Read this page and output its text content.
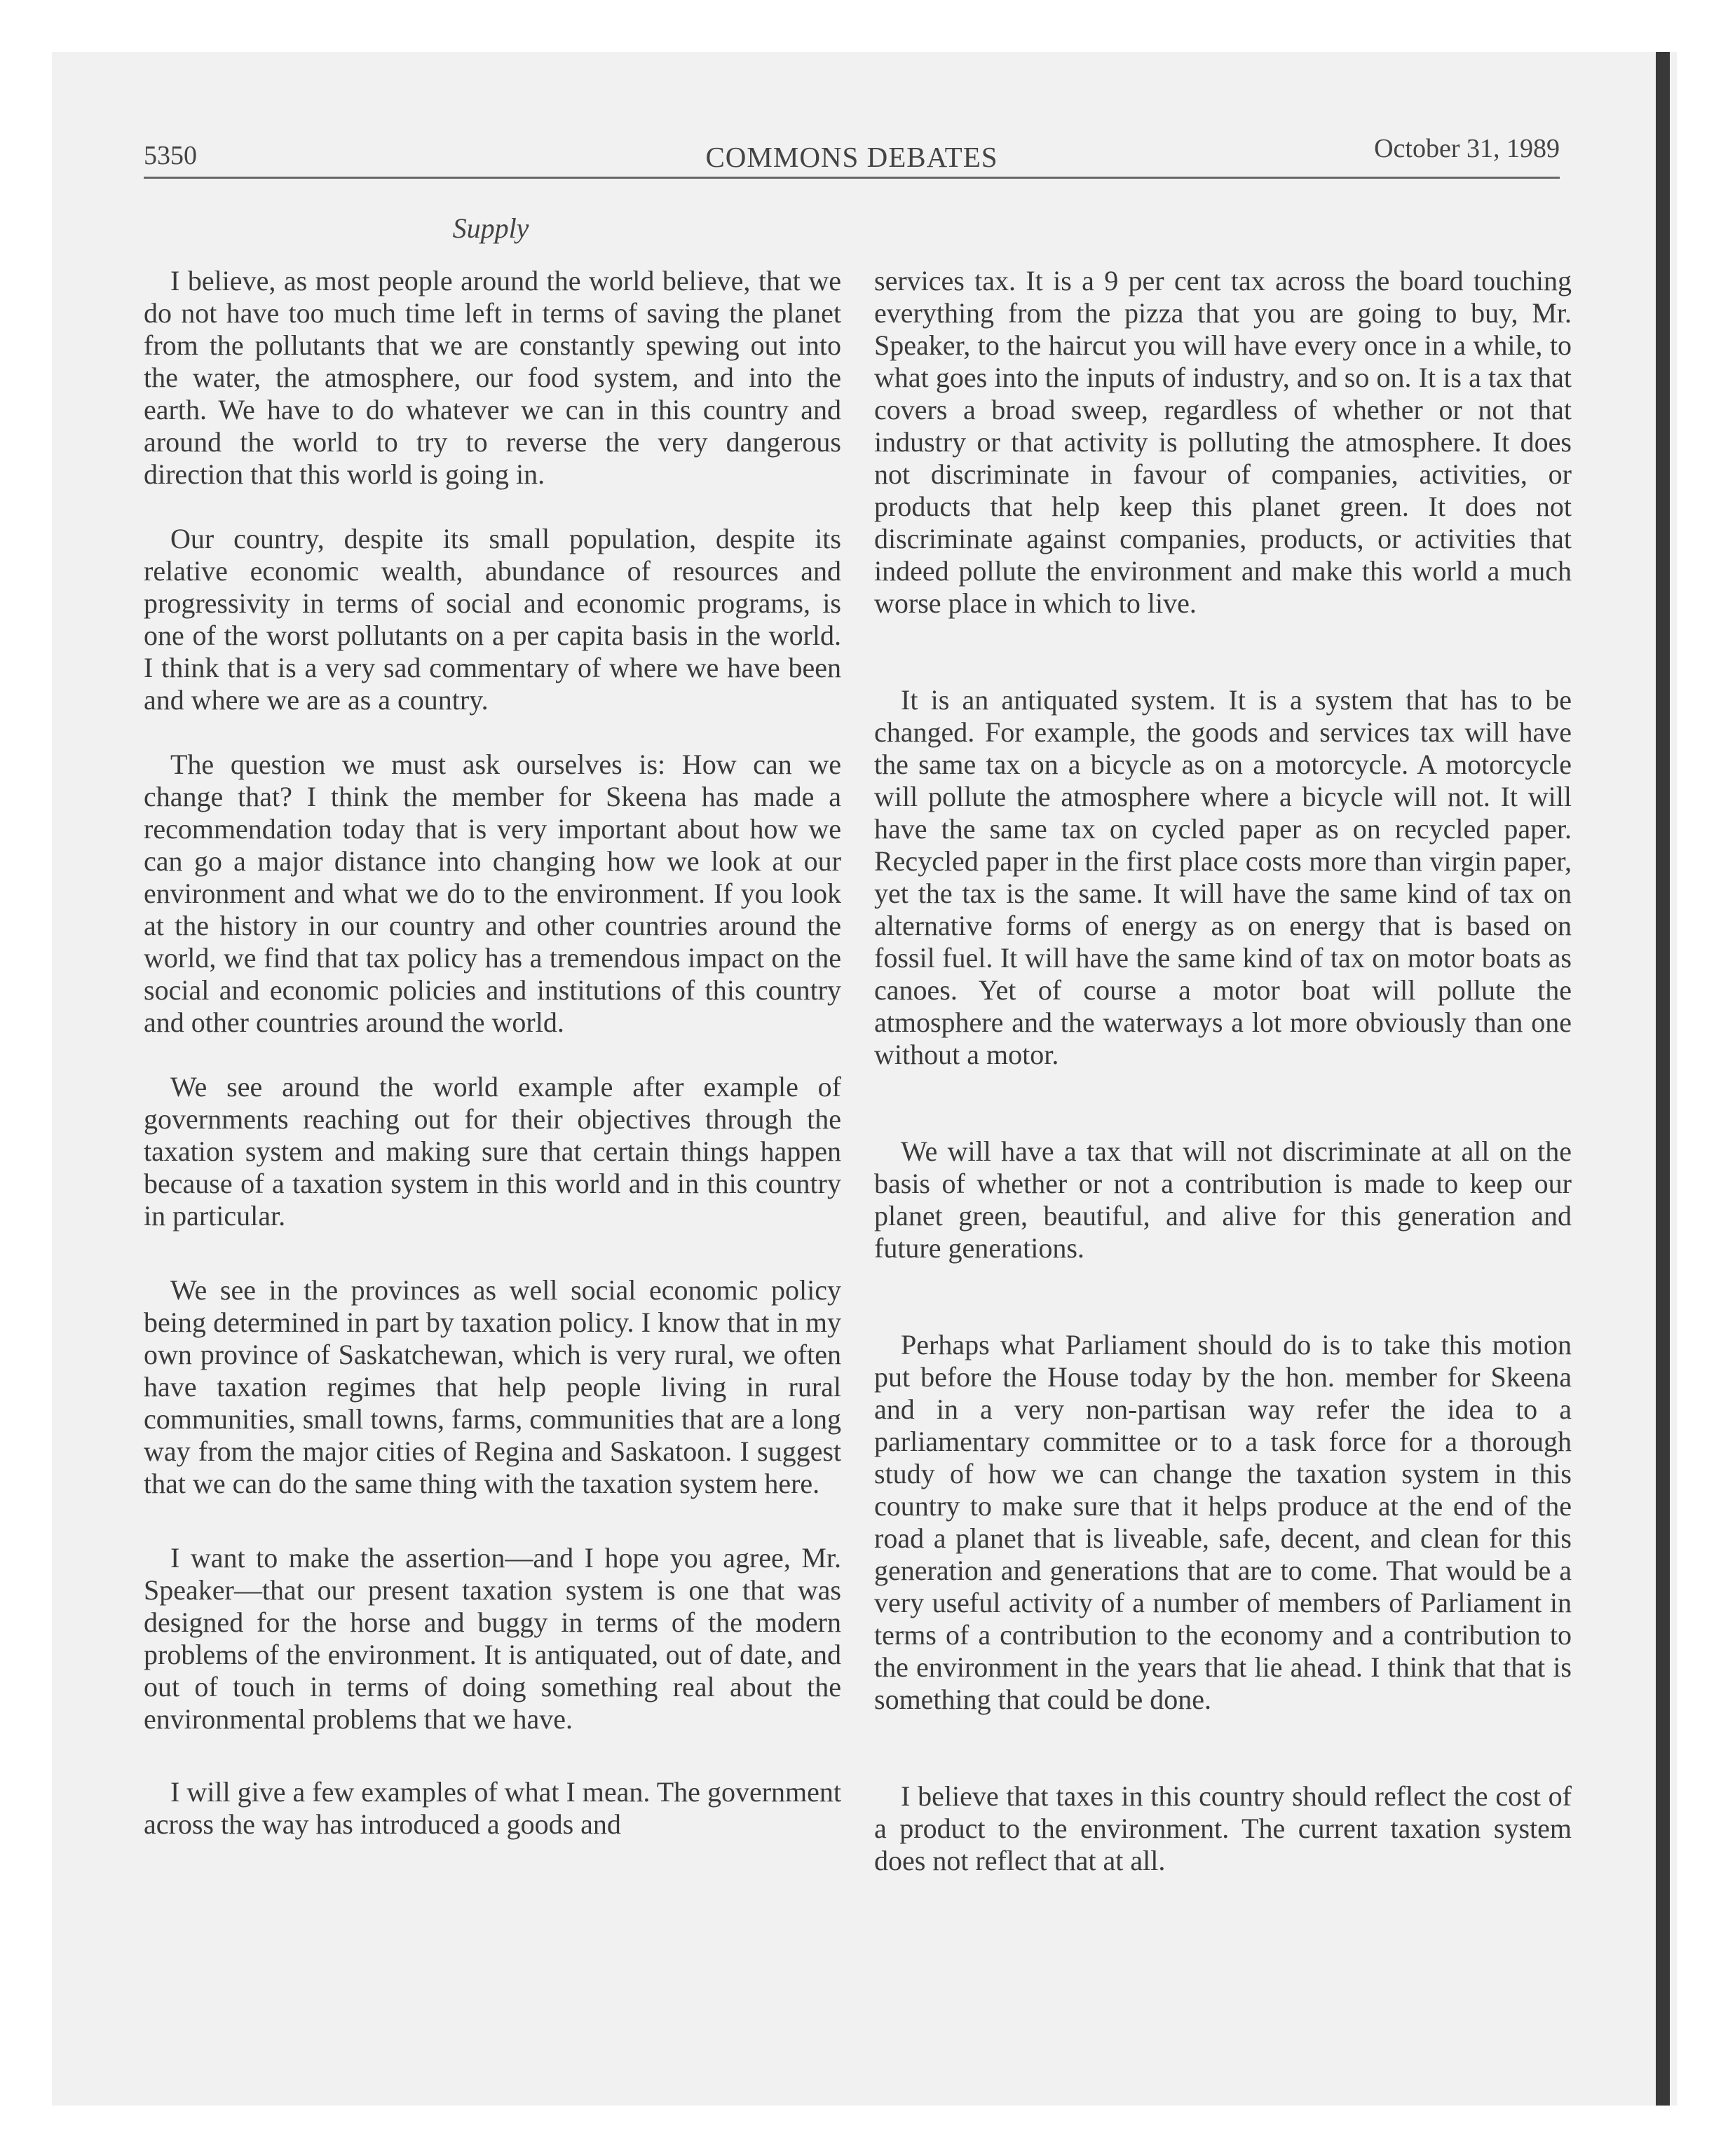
5350	COMMONS DEBATES	October 31, 1989
Supply

I believe, as most people around the world believe, that we do not have too much time left in terms of saving the planet from the pollutants that we are constantly spewing out into the water, the atmosphere, our food system, and into the earth. We have to do whatever we can in this country and around the world to try to reverse the very dangerous direction that this world is going in.

Our country, despite its small population, despite its relative economic wealth, abundance of resources and progressivity in terms of social and economic programs, is one of the worst pollutants on a per capita basis in the world. I think that is a very sad commentary of where we have been and where we are as a country.

The question we must ask ourselves is: How can we change that? I think the member for Skeena has made a recommendation today that is very important about how we can go a major distance into changing how we look at our environment and what we do to the environment. If you look at the history in our country and other countries around the world, we find that tax policy has a tremendous impact on the social and economic policies and institutions of this country and other countries around the world.

We see around the world example after example of governments reaching out for their objectives through the taxation system and making sure that certain things happen because of a taxation system in this world and in this country in particular.

We see in the provinces as well social economic policy being determined in part by taxation policy. I know that in my own province of Saskatchewan, which is very rural, we often have taxation regimes that help people living in rural communities, small towns, farms, communities that are a long way from the major cities of Regina and Saskatoon. I suggest that we can do the same thing with the taxation system here.

I want to make the assertion—and I hope you agree, Mr. Speaker—that our present taxation system is one that was designed for the horse and buggy in terms of the modern problems of the environment. It is antiquated, out of date, and out of touch in terms of doing something real about the environmental problems that we have.

I will give a few examples of what I mean. The government across the way has introduced a goods and

services tax. It is a 9 per cent tax across the board touching everything from the pizza that you are going to buy, Mr. Speaker, to the haircut you will have every once in a while, to what goes into the inputs of industry, and so on. It is a tax that covers a broad sweep, regardless of whether or not that industry or that activity is polluting the atmosphere. It does not discriminate in favour of companies, activities, or products that help keep this planet green. It does not discriminate against companies, products, or activities that indeed pollute the environment and make this world a much worse place in which to live.

It is an antiquated system. It is a system that has to be changed. For example, the goods and services tax will have the same tax on a bicycle as on a motorcycle. A motorcycle will pollute the atmosphere where a bicycle will not. It will have the same tax on cycled paper as on recycled paper. Recycled paper in the first place costs more than virgin paper, yet the tax is the same. It will have the same kind of tax on alternative forms of energy as on energy that is based on fossil fuel. It will have the same kind of tax on motor boats as canoes. Yet of course a motor boat will pollute the atmosphere and the waterways a lot more obviously than one without a motor.

We will have a tax that will not discriminate at all on the basis of whether or not a contribution is made to keep our planet green, beautiful, and alive for this generation and future generations.

Perhaps what Parliament should do is to take this motion put before the House today by the hon. member for Skeena and in a very non-partisan way refer the idea to a parliamentary committee or to a task force for a thorough study of how we can change the taxation system in this country to make sure that it helps produce at the end of the road a planet that is liveable, safe, decent, and clean for this generation and generations that are to come. That would be a very useful activity of a number of members of Parliament in terms of a contribution to the economy and a contribution to the environment in the years that lie ahead. I think that that is something that could be done.

I believe that taxes in this country should reflect the cost of a product to the environment. The current taxation system does not reflect that at all.
